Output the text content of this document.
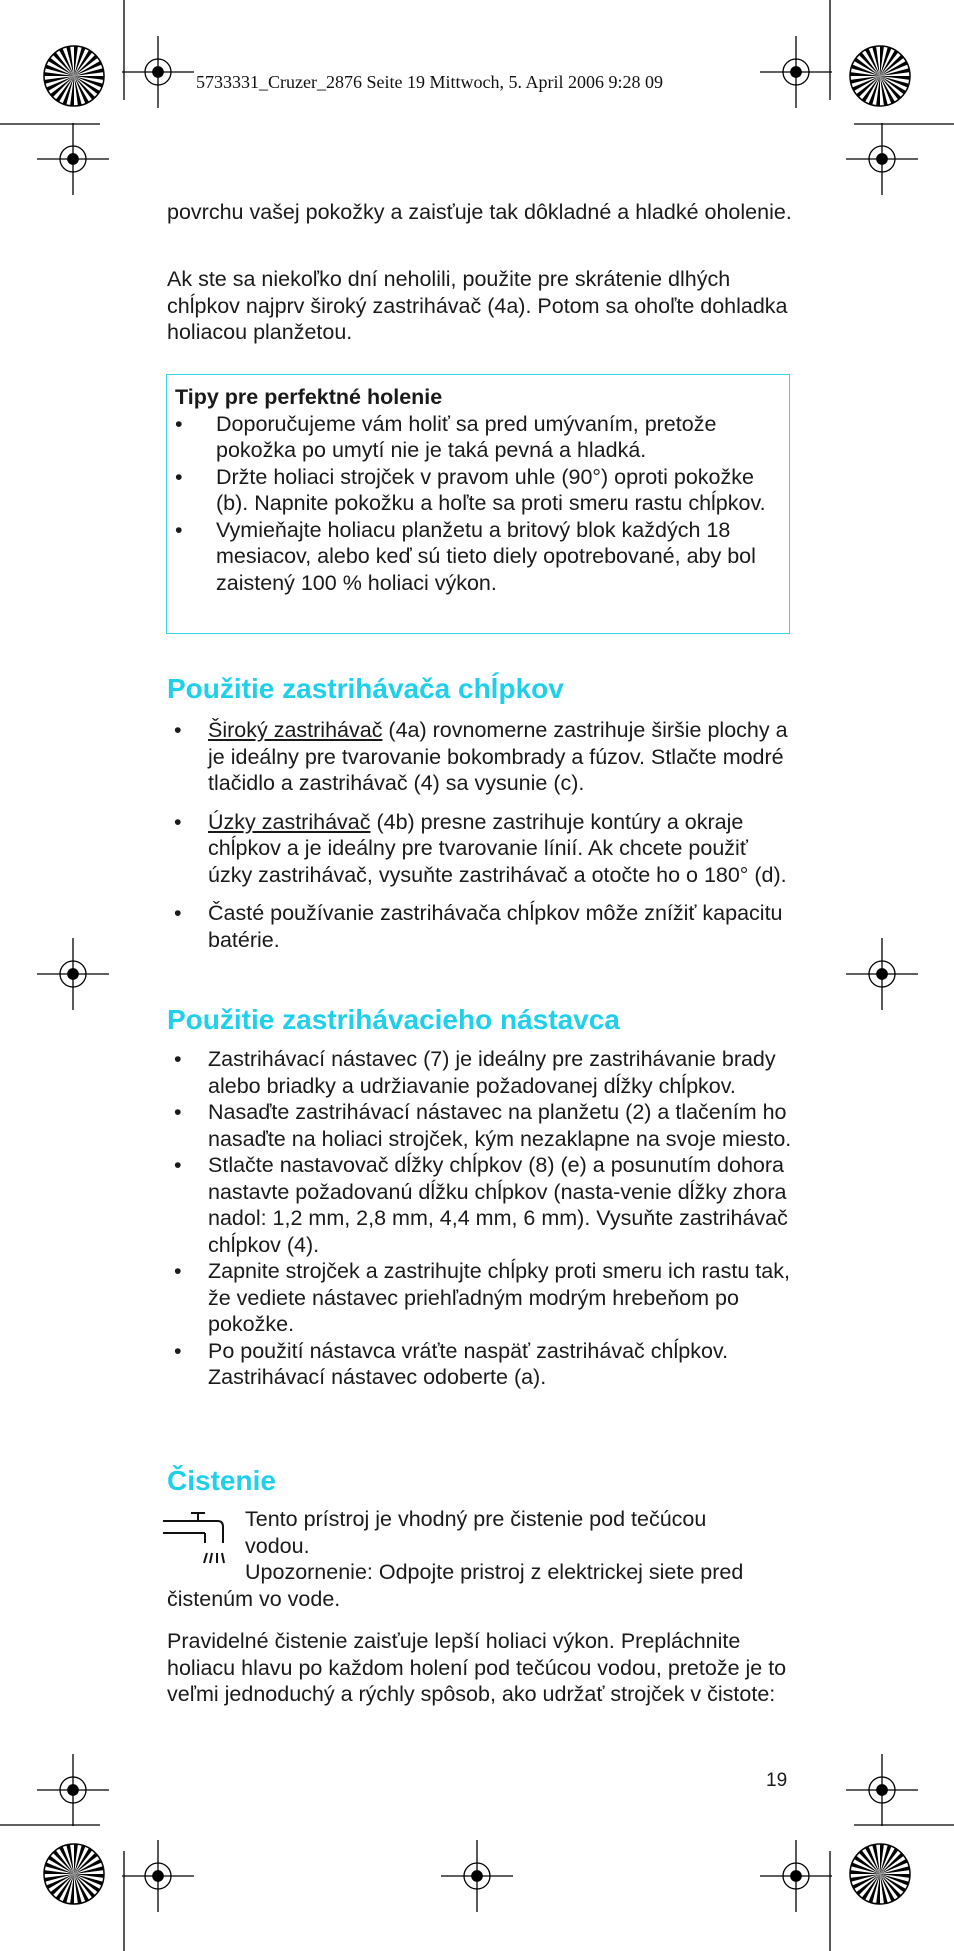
5733331_Cruzer_2876 Seite 19 Mittwoch, 5. April 2006 9:28 09

povrchu vašej pokožky a zaisťuje tak dôkladné a hladké oholenie.

Ak ste sa niekoľko dní neholili, použite pre skrátenie dlhých chĺpkov najprv široký zastrihávač (4a). Potom sa ohoľte dohladka holiacou planžetou.

Tipy pre perfektné holenie
• Doporučujeme vám holiť sa pred umývaním, pretože pokožka po umytí nie je taká pevná a hladká.
• Držte holiaci strojček v pravom uhle (90°) oproti pokožke (b). Napnite pokožku a hoľte sa proti smeru rastu chĺpkov.
• Vymieňajte holiacu planžetu a britový blok každých 18 mesiacov, alebo keď sú tieto diely opotrebované, aby bol zaistený 100 % holiaci výkon.
Použitie zastrihávača chĺpkov
• Široký zastrihávač (4a) rovnomerne zastrihuje širšie plochy a je ideálny pre tvarovanie bokombrady a fúzov. Stlačte modré tlačidlo a zastrihávač (4) sa vysunie (c).
• Úzky zastrihávač (4b) presne zastrihuje kontúry a okraje chĺpkov a je ideálny pre tvarovanie línií. Ak chcete použiť úzky zastrihávač, vysuňte zastrihávač a otočte ho o 180° (d).
• Časté používanie zastrihávača chĺpkov môže znížiť kapacitu batérie.
Použitie zastrihávacieho nástavca
• Zastrihávací nástavec (7) je ideálny pre zastrihávanie brady alebo briadky a udržiavanie požadovanej dĺžky chĺpkov.
• Nasaďte zastrihávací nástavec na planžetu (2) a tlačením ho nasaďte na holiaci strojček, kým nezaklapne na svoje miesto.
• Stlačte nastavovač dĺžky chĺpkov (8) (e) a posunutím dohora nastavte požadovanú dĺžku chĺpkov (nasta-venie dĺžky zhora nadol: 1,2 mm, 2,8 mm, 4,4 mm, 6 mm). Vysuňte zastrihávač chĺpkov (4).
• Zapnite strojček a zastrihujte chĺpky proti smeru ich rastu tak, že vediete nástavec priehľadným modrým hrebeňom po pokožke.
• Po použití nástavca vráťte naspäť zastrihávač chĺpkov. Zastrihávací nástavec odoberte (a).
Čistenie
Tento prístroj je vhodný pre čistenie pod tečúcou
vodou.
Upozornenie: Odpojte pristroj z elektrickej siete pred čistenúm vo vode.

Pravidelné čistenie zaisťuje lepší holiaci výkon. Prepláchnite holiacu hlavu po každom holení pod tečúcou vodou, pretože je to veľmi jednoduchý a rýchly spôsob, ako udržať strojček v čistote:

19
